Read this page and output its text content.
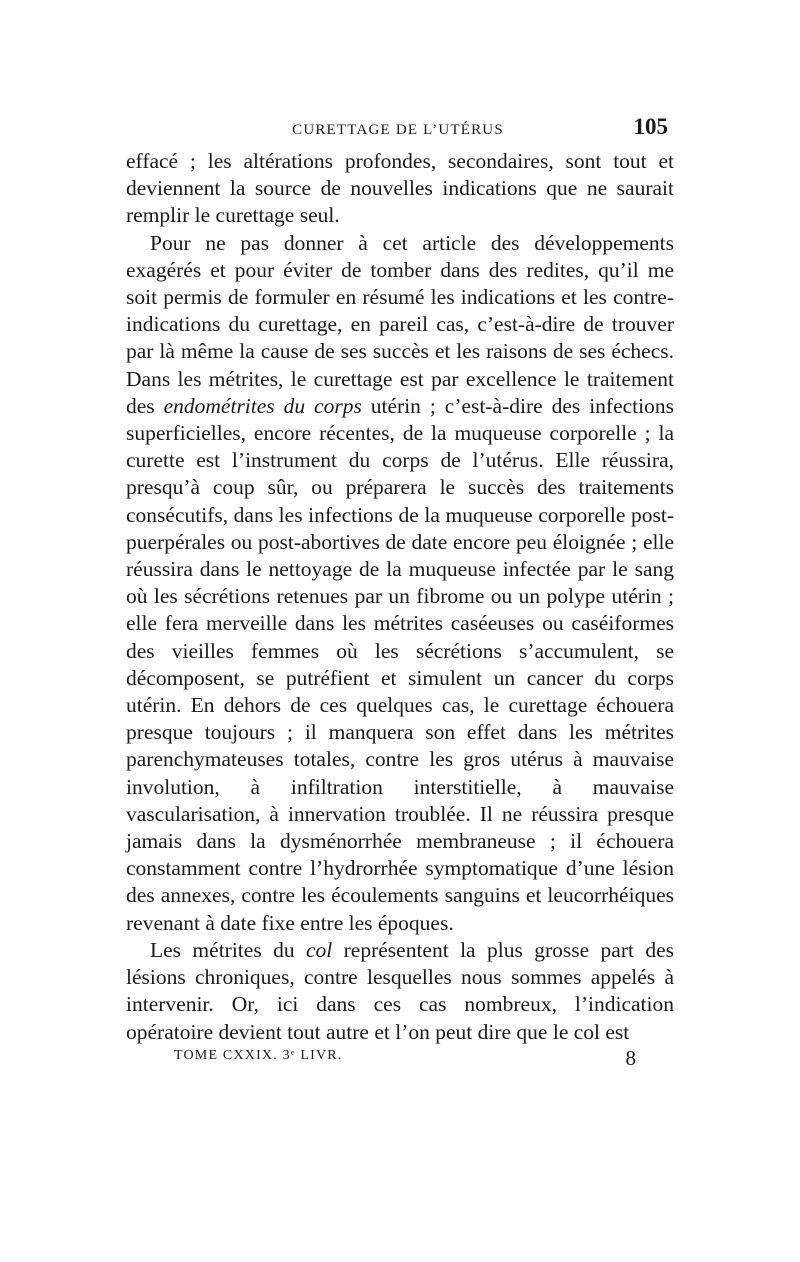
CURETTAGE DE L’UTÉRUS	105

effacé ; les altérations profondes, secondaires, sont tout et deviennent la source de nouvelles indications que ne saurait remplir le curettage seul.

Pour ne pas donner à cet article des développements exagérés et pour éviter de tomber dans des redites, qu’il me soit permis de formuler en résumé les indications et les contre-indications du curettage, en pareil cas, c’est-à-dire de trouver par là même la cause de ses succès et les raisons de ses échecs. Dans les métrites, le curettage est par excellence le traitement des endométrites du corps utérin ; c’est-à-dire des infections superficielles, encore récentes, de la muqueuse corporelle ; la curette est l’instrument du corps de l’utérus. Elle réussira, presqu’à coup sûr, ou préparera le succès des traitements consécutifs, dans les infections de la muqueuse corporelle post-puerpérales ou post-abortives de date encore peu éloignée ; elle réussira dans le nettoyage de la muqueuse infectée par le sang où les sécrétions retenues par un fibrome ou un polype utérin ; elle fera merveille dans les métrites caséeuses ou caséiformes des vieilles femmes où les sécrétions s’accumulent, se décomposent, se putréfient et simulent un cancer du corps utérin. En dehors de ces quelques cas, le curettage échouera presque toujours ; il manquera son effet dans les métrites parenchymateuses totales, contre les gros utérus à mauvaise involution, à infiltration interstitielle, à mauvaise vascularisation, à innervation troublée. Il ne réussira presque jamais dans la dysménorrhée membraneuse ; il échouera constamment contre l’hydrorrhée symptomatique d’une lésion des annexes, contre les écoulements sanguins et leucorrhéiques revenant à date fixe entre les époques.

Les métrites du col représentent la plus grosse part des lésions chroniques, contre lesquelles nous sommes appelés à intervenir. Or, ici dans ces cas nombreux, l’indication opératoire devient tout autre et l’on peut dire que le col est

TOME CXXIX. 3ᵉ LIVR.	8
